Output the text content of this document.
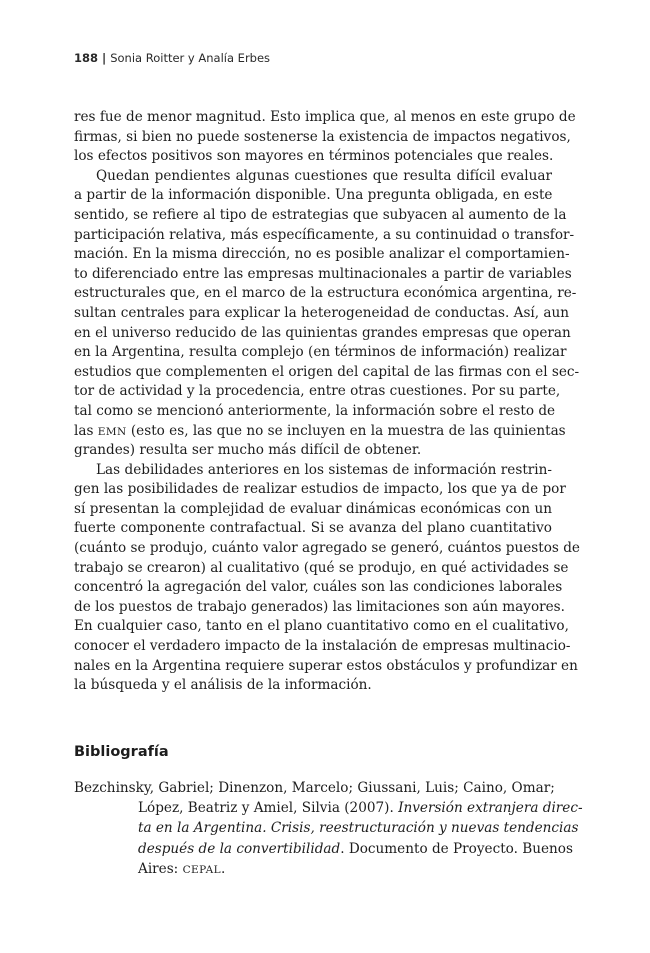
188 | Sonia Roitter y Analía Erbes
res fue de menor magnitud. Esto implica que, al menos en este grupo de
firmas, si bien no puede sostenerse la existencia de impactos negativos,
los efectos positivos son mayores en términos potenciales que reales.
Quedan pendientes algunas cuestiones que resulta difícil evaluar
a partir de la información disponible. Una pregunta obligada, en este
sentido, se refiere al tipo de estrategias que subyacen al aumento de la
participación relativa, más específicamente, a su continuidad o transfor-
mación. En la misma dirección, no es posible analizar el comportamien-
to diferenciado entre las empresas multinacionales a partir de variables
estructurales que, en el marco de la estructura económica argentina, re-
sultan centrales para explicar la heterogeneidad de conductas. Así, aun
en el universo reducido de las quinientas grandes empresas que operan
en la Argentina, resulta complejo (en términos de información) realizar
estudios que complementen el origen del capital de las firmas con el sec-
tor de actividad y la procedencia, entre otras cuestiones. Por su parte,
tal como se mencionó anteriormente, la información sobre el resto de
las EMN (esto es, las que no se incluyen en la muestra de las quinientas
grandes) resulta ser mucho más difícil de obtener.
Las debilidades anteriores en los sistemas de información restrin-
gen las posibilidades de realizar estudios de impacto, los que ya de por
sí presentan la complejidad de evaluar dinámicas económicas con un
fuerte componente contrafactual. Si se avanza del plano cuantitativo
(cuánto se produjo, cuánto valor agregado se generó, cuántos puestos de
trabajo se crearon) al cualitativo (qué se produjo, en qué actividades se
concentró la agregación del valor, cuáles son las condiciones laborales
de los puestos de trabajo generados) las limitaciones son aún mayores.
En cualquier caso, tanto en el plano cuantitativo como en el cualitativo,
conocer el verdadero impacto de la instalación de empresas multinacio-
nales en la Argentina requiere superar estos obstáculos y profundizar en
la búsqueda y el análisis de la información.
Bibliografía
Bezchinsky, Gabriel; Dinenzon, Marcelo; Giussani, Luis; Caino, Omar;
López, Beatriz y Amiel, Silvia (2007). Inversión extranjera direc-
ta en la Argentina. Crisis, reestructuración y nuevas tendencias
después de la convertibilidad. Documento de Proyecto. Buenos
Aires: CEPAL.
